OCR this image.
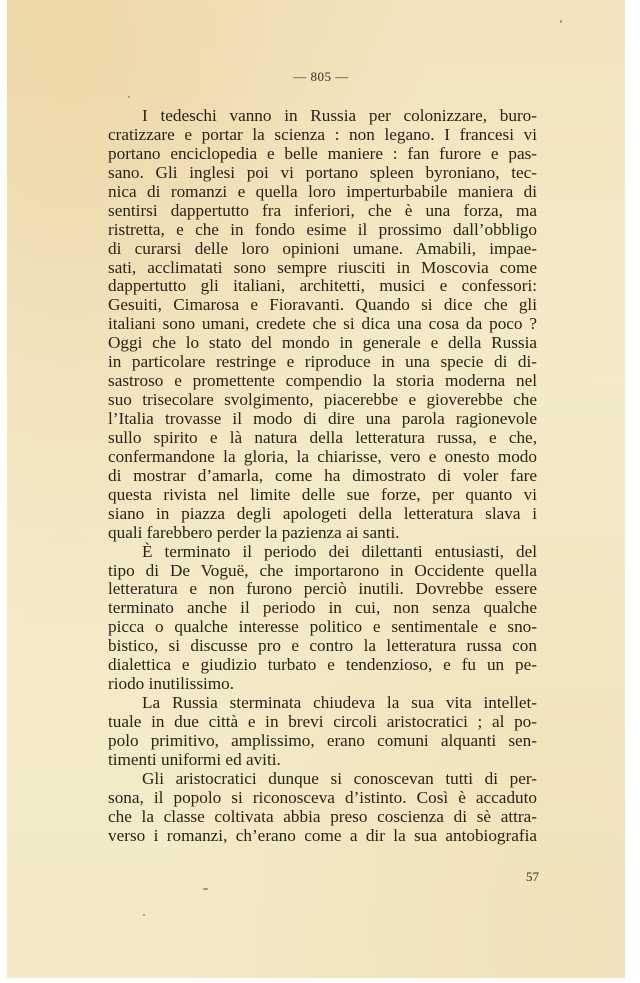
— 805 —
I tedeschi vanno in Russia per colonizzare, buro-
cratizzare e portar la scienza : non legano. I francesi vi
portano enciclopedia e belle maniere : fan furore e pas-
sano. Gli inglesi poi vi portano spleen byroniano, tec-
nica di romanzi e quella loro imperturbabile maniera di
sentirsi dappertutto fra inferiori, che è una forza, ma
ristretta, e che in fondo esime il prossimo dall’obbligo
di curarsi delle loro opinioni umane. Amabili, impae-
sati, acclimatati sono sempre riusciti in Moscovia come
dappertutto gli italiani, architetti, musici e confessori:
Gesuiti, Cimarosa e Fioravanti. Quando si dice che gli
italiani sono umani, credete che si dica una cosa da poco ?
Oggi che lo stato del mondo in generale e della Russia
in particolare restringe e riproduce in una specie di di-
sastroso e promettente compendio la storia moderna nel
suo trisecolare svolgimento, piacerebbe e gioverebbe che
l’Italia trovasse il modo di dire una parola ragionevole
sullo spirito e là natura della letteratura russa, e che,
confermandone la gloria, la chiarisse, vero e onesto modo
di mostrar d’amarla, come ha dimostrato di voler fare
questa rivista nel limite delle sue forze, per quanto vi
siano in piazza degli apologeti della letteratura slava i
quali farebbero perder la pazienza ai santi.
È terminato il periodo dei dilettanti entusiasti, del
tipo di De Voguë, che importarono in Occidente quella
letteratura e non furono perciò inutili. Dovrebbe essere
terminato anche il periodo in cui, non senza qualche
picca o qualche interesse politico e sentimentale e sno-
bistico, si discusse pro e contro la letteratura russa con
dialettica e giudizio turbato e tendenzioso, e fu un pe-
riodo inutilissimo.
La Russia sterminata chiudeva la sua vita intellet-
tuale in due città e in brevi circoli aristocratici ; al po-
polo primitivo, amplissimo, erano comuni alquanti sen-
timenti uniformi ed aviti.
Gli aristocratici dunque si conoscevan tutti di per-
sona, il popolo si riconosceva d’istinto. Così è accaduto
che la classe coltivata abbia preso coscienza di sè attra-
verso i romanzi, ch’erano come a dir la sua antobiografia
57
